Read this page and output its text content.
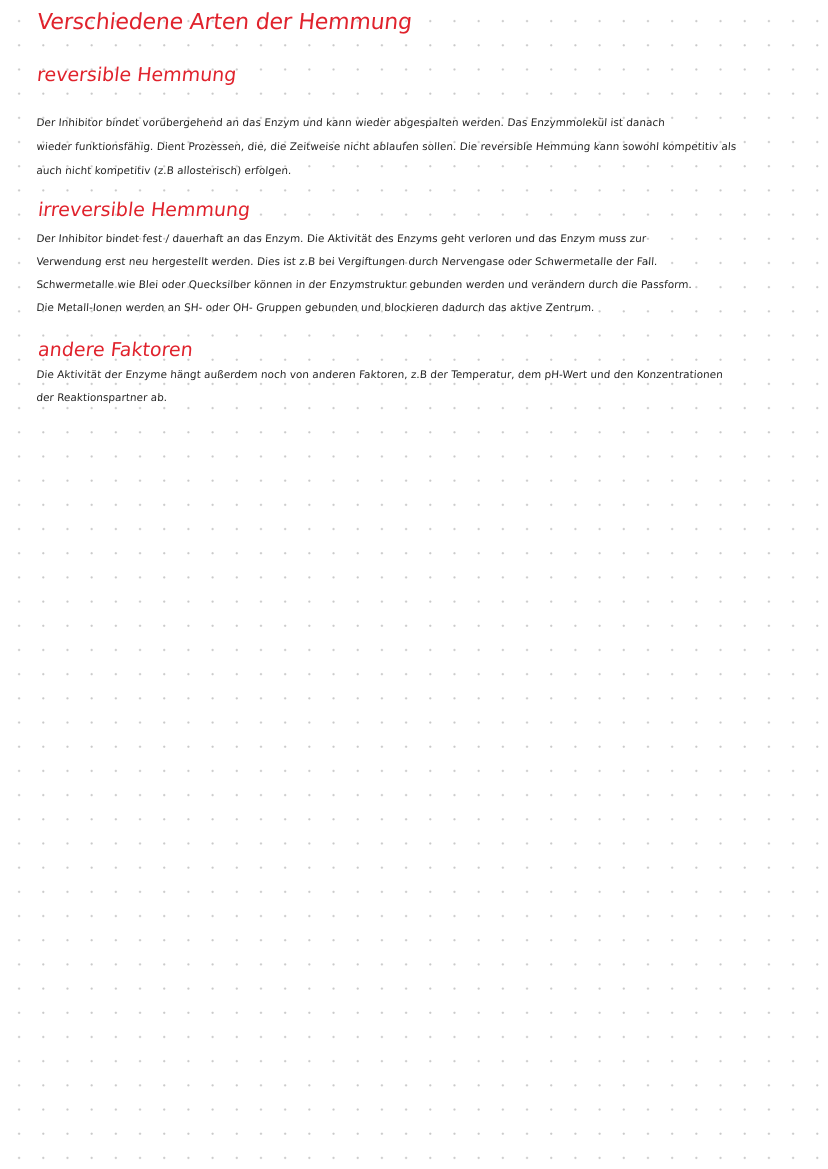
Verschiedene Arten der Hemmung
reversible Hemmung

Der Inhibitor bindet vorübergehend an das Enzym und kann wieder abgespalten werden. Das Enzymmolekül ist danach

wieder funktionsfähig. Dient Prozessen, die, die Zeitweise nicht ablaufen sollen. Die reversible Hemmung kann sowohl kompetitiv als

auch nicht kompetitiv (z.B allosterisch) erfolgen.

irreversible Hemmung

Der Inhibitor bindet fest / dauerhaft an das Enzym. Die Aktivität des Enzyms geht verloren und das Enzym muss zur

Verwendung erst neu hergestellt werden. Dies ist z.B bei Vergiftungen durch Nervengase oder Schwermetalle der Fall.

Schwermetalle wie Blei oder Quecksilber können in der Enzymstruktur gebunden werden und verändern durch die Passform.

Die Metall-Ionen werden an SH- oder OH- Gruppen gebunden und blockieren dadurch das aktive Zentrum.

andere Faktoren

Die Aktivität der Enzyme hängt außerdem noch von anderen Faktoren, z.B der Temperatur, dem pH-Wert und den Konzentrationen

der Reaktionspartner ab.
